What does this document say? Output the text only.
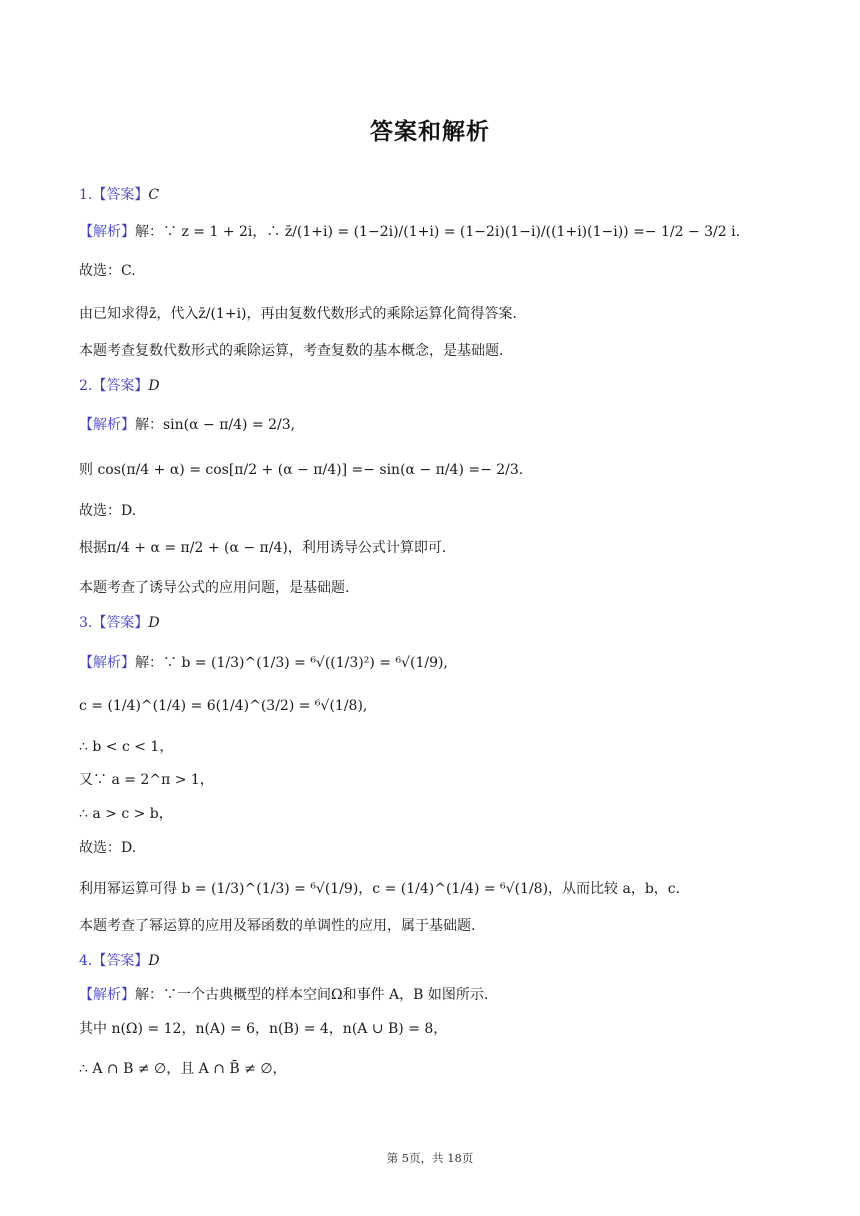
答案和解析
1.【答案】C
【解析】解：∵ z = 1 + 2i，∴ z̄/(1+i) = (1−2i)/(1+i) = (1−2i)(1−i)/((1+i)(1−i)) =− 1/2 − 3/2 i.
故选：C.
由已知求得z̄，代入z̄/(1+i)，再由复数代数形式的乘除运算化简得答案.
本题考查复数代数形式的乘除运算，考查复数的基本概念，是基础题.
2.【答案】D
【解析】解：sin(α − π/4) = 2/3,
则 cos(π/4 + α) = cos[π/2 + (α − π/4)] =− sin(α − π/4) =− 2/3.
故选：D.
根据π/4 + α = π/2 + (α − π/4)，利用诱导公式计算即可.
本题考查了诱导公式的应用问题，是基础题.
3.【答案】D
【解析】解：∵ b = (1/3)^(1/3) = ⁶√((1/3)²) = ⁶√(1/9),
c = (1/4)^(1/4) = 6(1/4)^(3/2) = ⁶√(1/8),
∴ b < c < 1，
又∵ a = 2^π > 1，
∴ a > c > b，
故选：D.
利用幂运算可得 b = (1/3)^(1/3) = ⁶√(1/9)，c = (1/4)^(1/4) = ⁶√(1/8)，从而比较 a，b，c.
本题考查了幂运算的应用及幂函数的单调性的应用，属于基础题.
4.【答案】D
【解析】解：∵一个古典概型的样本空间Ω和事件 A，B 如图所示.
其中 n(Ω) = 12，n(A) = 6，n(B) = 4，n(A ∪ B) = 8，
∴ A ∩ B ≠ ∅，且 A ∩ B̄ ≠ ∅，
第 5页，共 18页
